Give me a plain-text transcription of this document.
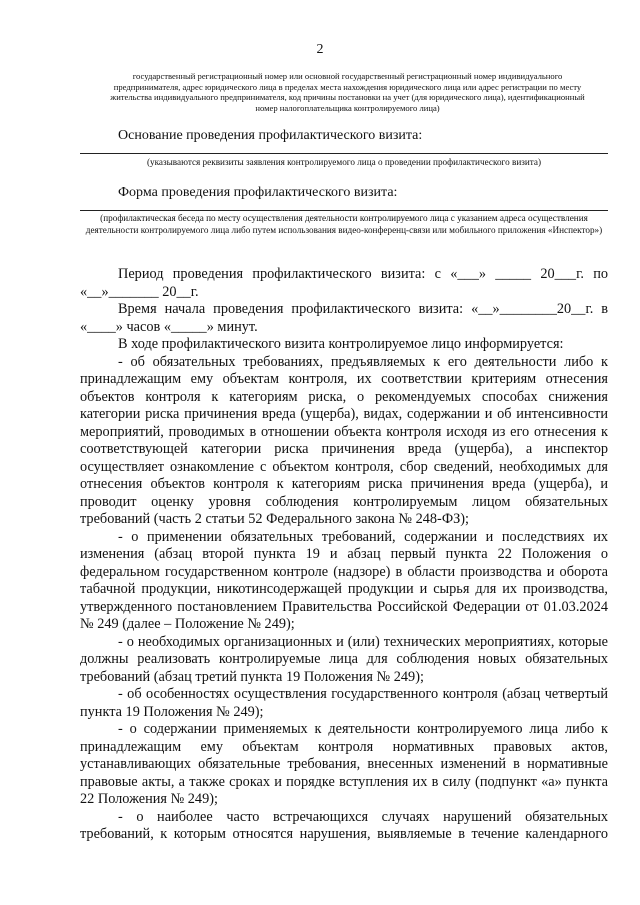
2
государственный регистрационный номер или основной государственный регистрационный номер индивидуального предпринимателя, адрес юридического лица в пределах места нахождения юридического лица или адрес регистрации по месту жительства индивидуального предпринимателя, код причины постановки на учет (для юридического лица), идентификационный номер налогоплательщика контролируемого лица)
Основание проведения профилактического визита:
(указываются реквизиты заявления контролируемого лица о проведении профилактического визита)
Форма проведения профилактического визита:
(профилактическая беседа по месту осуществления деятельности контролируемого лица с указанием адреса осуществления деятельности контролируемого лица либо путем использования видео-конференц-связи или мобильного приложения «Инспектор»)

Период проведения профилактического визита: с «___» _____ 20___г. по

«__»_______ 20__г.

Время начала проведения профилактического визита: «__»________20__г. в

«____» часов «_____» минут.

В ходе профилактического визита контролируемое лицо информируется:

- об обязательных требованиях, предъявляемых к его деятельности либо к принадлежащим ему объектам контроля, их соответствии критериям отнесения объектов контроля к категориям риска, о рекомендуемых способах снижения категории риска причинения вреда (ущерба), видах, содержании и об интенсивности мероприятий, проводимых в отношении объекта контроля исходя из его отнесения к соответствующей категории риска причинения вреда (ущерба), а инспектор осуществляет ознакомление с объектом контроля, сбор сведений, необходимых для отнесения объектов контроля к категориям риска причинения вреда (ущерба), и проводит оценку уровня соблюдения контролируемым лицом обязательных требований (часть 2 статьи 52 Федерального закона № 248-ФЗ);

- о применении обязательных требований, содержании и последствиях их изменения (абзац второй пункта 19 и абзац первый пункта 22 Положения о федеральном государственном контроле (надзоре) в области производства и оборота табачной продукции, никотинсодержащей продукции и сырья для их производства, утвержденного постановлением Правительства Российской Федерации от 01.03.2024 № 249 (далее – Положение № 249);

- о необходимых организационных и (или) технических мероприятиях, которые должны реализовать контролируемые лица для соблюдения новых обязательных требований (абзац третий пункта 19 Положения № 249);

- об особенностях осуществления государственного контроля (абзац четвертый пункта 19 Положения № 249);

- о содержании применяемых к деятельности контролируемого лица либо к принадлежащим ему объектам контроля нормативных правовых актов, устанавливающих обязательные требования, внесенных изменений в нормативные правовые акты, а также сроках и порядке вступления их в силу (подпункт «а» пункта 22 Положения № 249);

- о наиболее часто встречающихся случаях нарушений обязательных требований, к которым относятся нарушения, выявляемые в течение календарного
